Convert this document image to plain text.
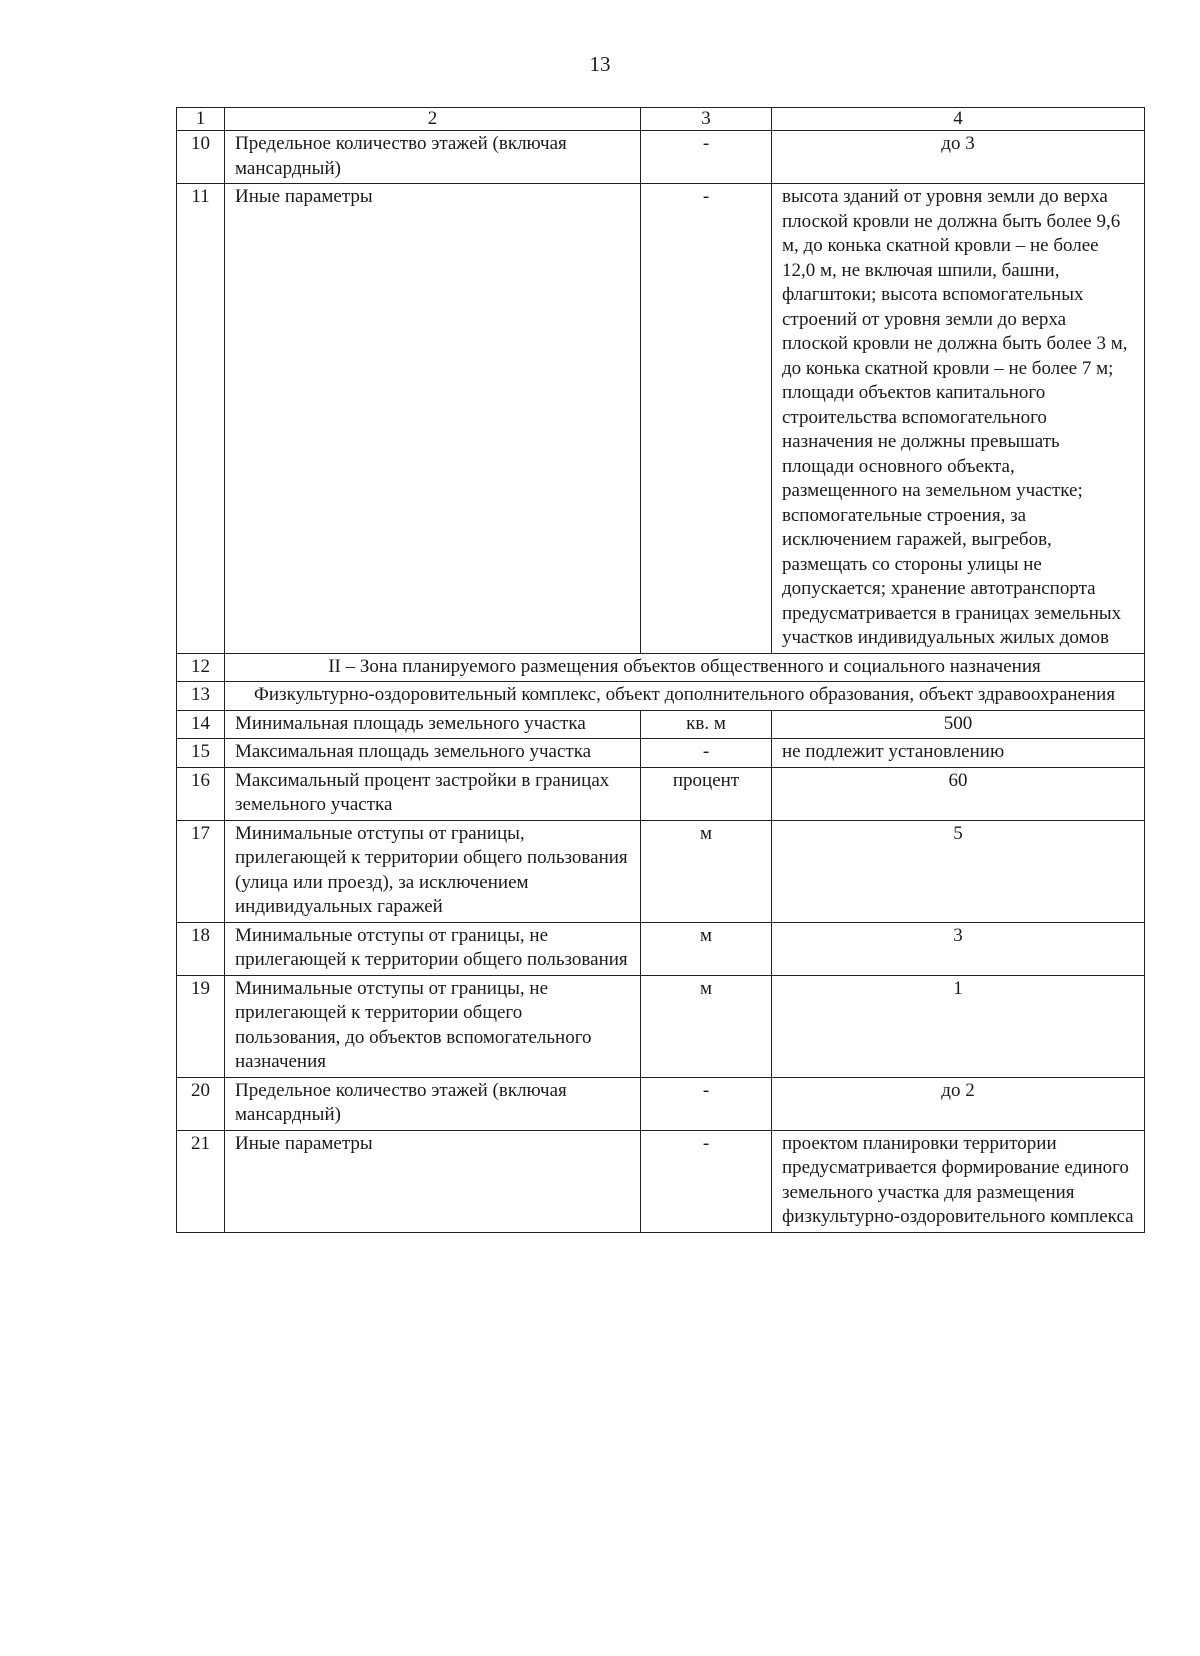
13
1	2	3	4
10	Предельное количество этажей (включая мансардный)	-	до 3
11	Иные параметры	-	высота зданий от уровня земли до верха плоской кровли не должна быть более 9,6 м, до конька скатной кровли – не более 12,0 м, не включая шпили, башни, флагштоки; высота вспомогательных строений от уровня земли до верха плоской кровли не должна быть более 3 м, до конька скатной кровли – не более 7 м; площади объектов капитального строительства вспомогательного назначения не должны превышать площади основного объекта, размещенного на земельном участке; вспомогательные строения, за исключением гаражей, выгребов, размещать со стороны улицы не допускается; хранение автотранспорта предусматривается в границах земельных участков индивидуальных жилых домов
12	II – Зона планируемого размещения объектов общественного и социального назначения		
13	Физкультурно-оздоровительный комплекс, объект дополнительного образования, объект здравоохранения		
14	Минимальная площадь земельного участка	кв. м	500
15	Максимальная площадь земельного участка	-	не подлежит установлению
16	Максимальный процент застройки в границах земельного участка	процент	60
17	Минимальные отступы от границы, прилегающей к территории общего пользования (улица или проезд), за исключением индивидуальных гаражей	м	5
18	Минимальные отступы от границы, не прилегающей к территории общего пользования	м	3
19	Минимальные отступы от границы, не прилегающей к территории общего пользования, до объектов вспомогательного назначения	м	1
20	Предельное количество этажей (включая мансардный)	-	до 2
21	Иные параметры	-	проектом планировки территории предусматривается формирование единого земельного участка для размещения физкультурно-оздоровительного комплекса
